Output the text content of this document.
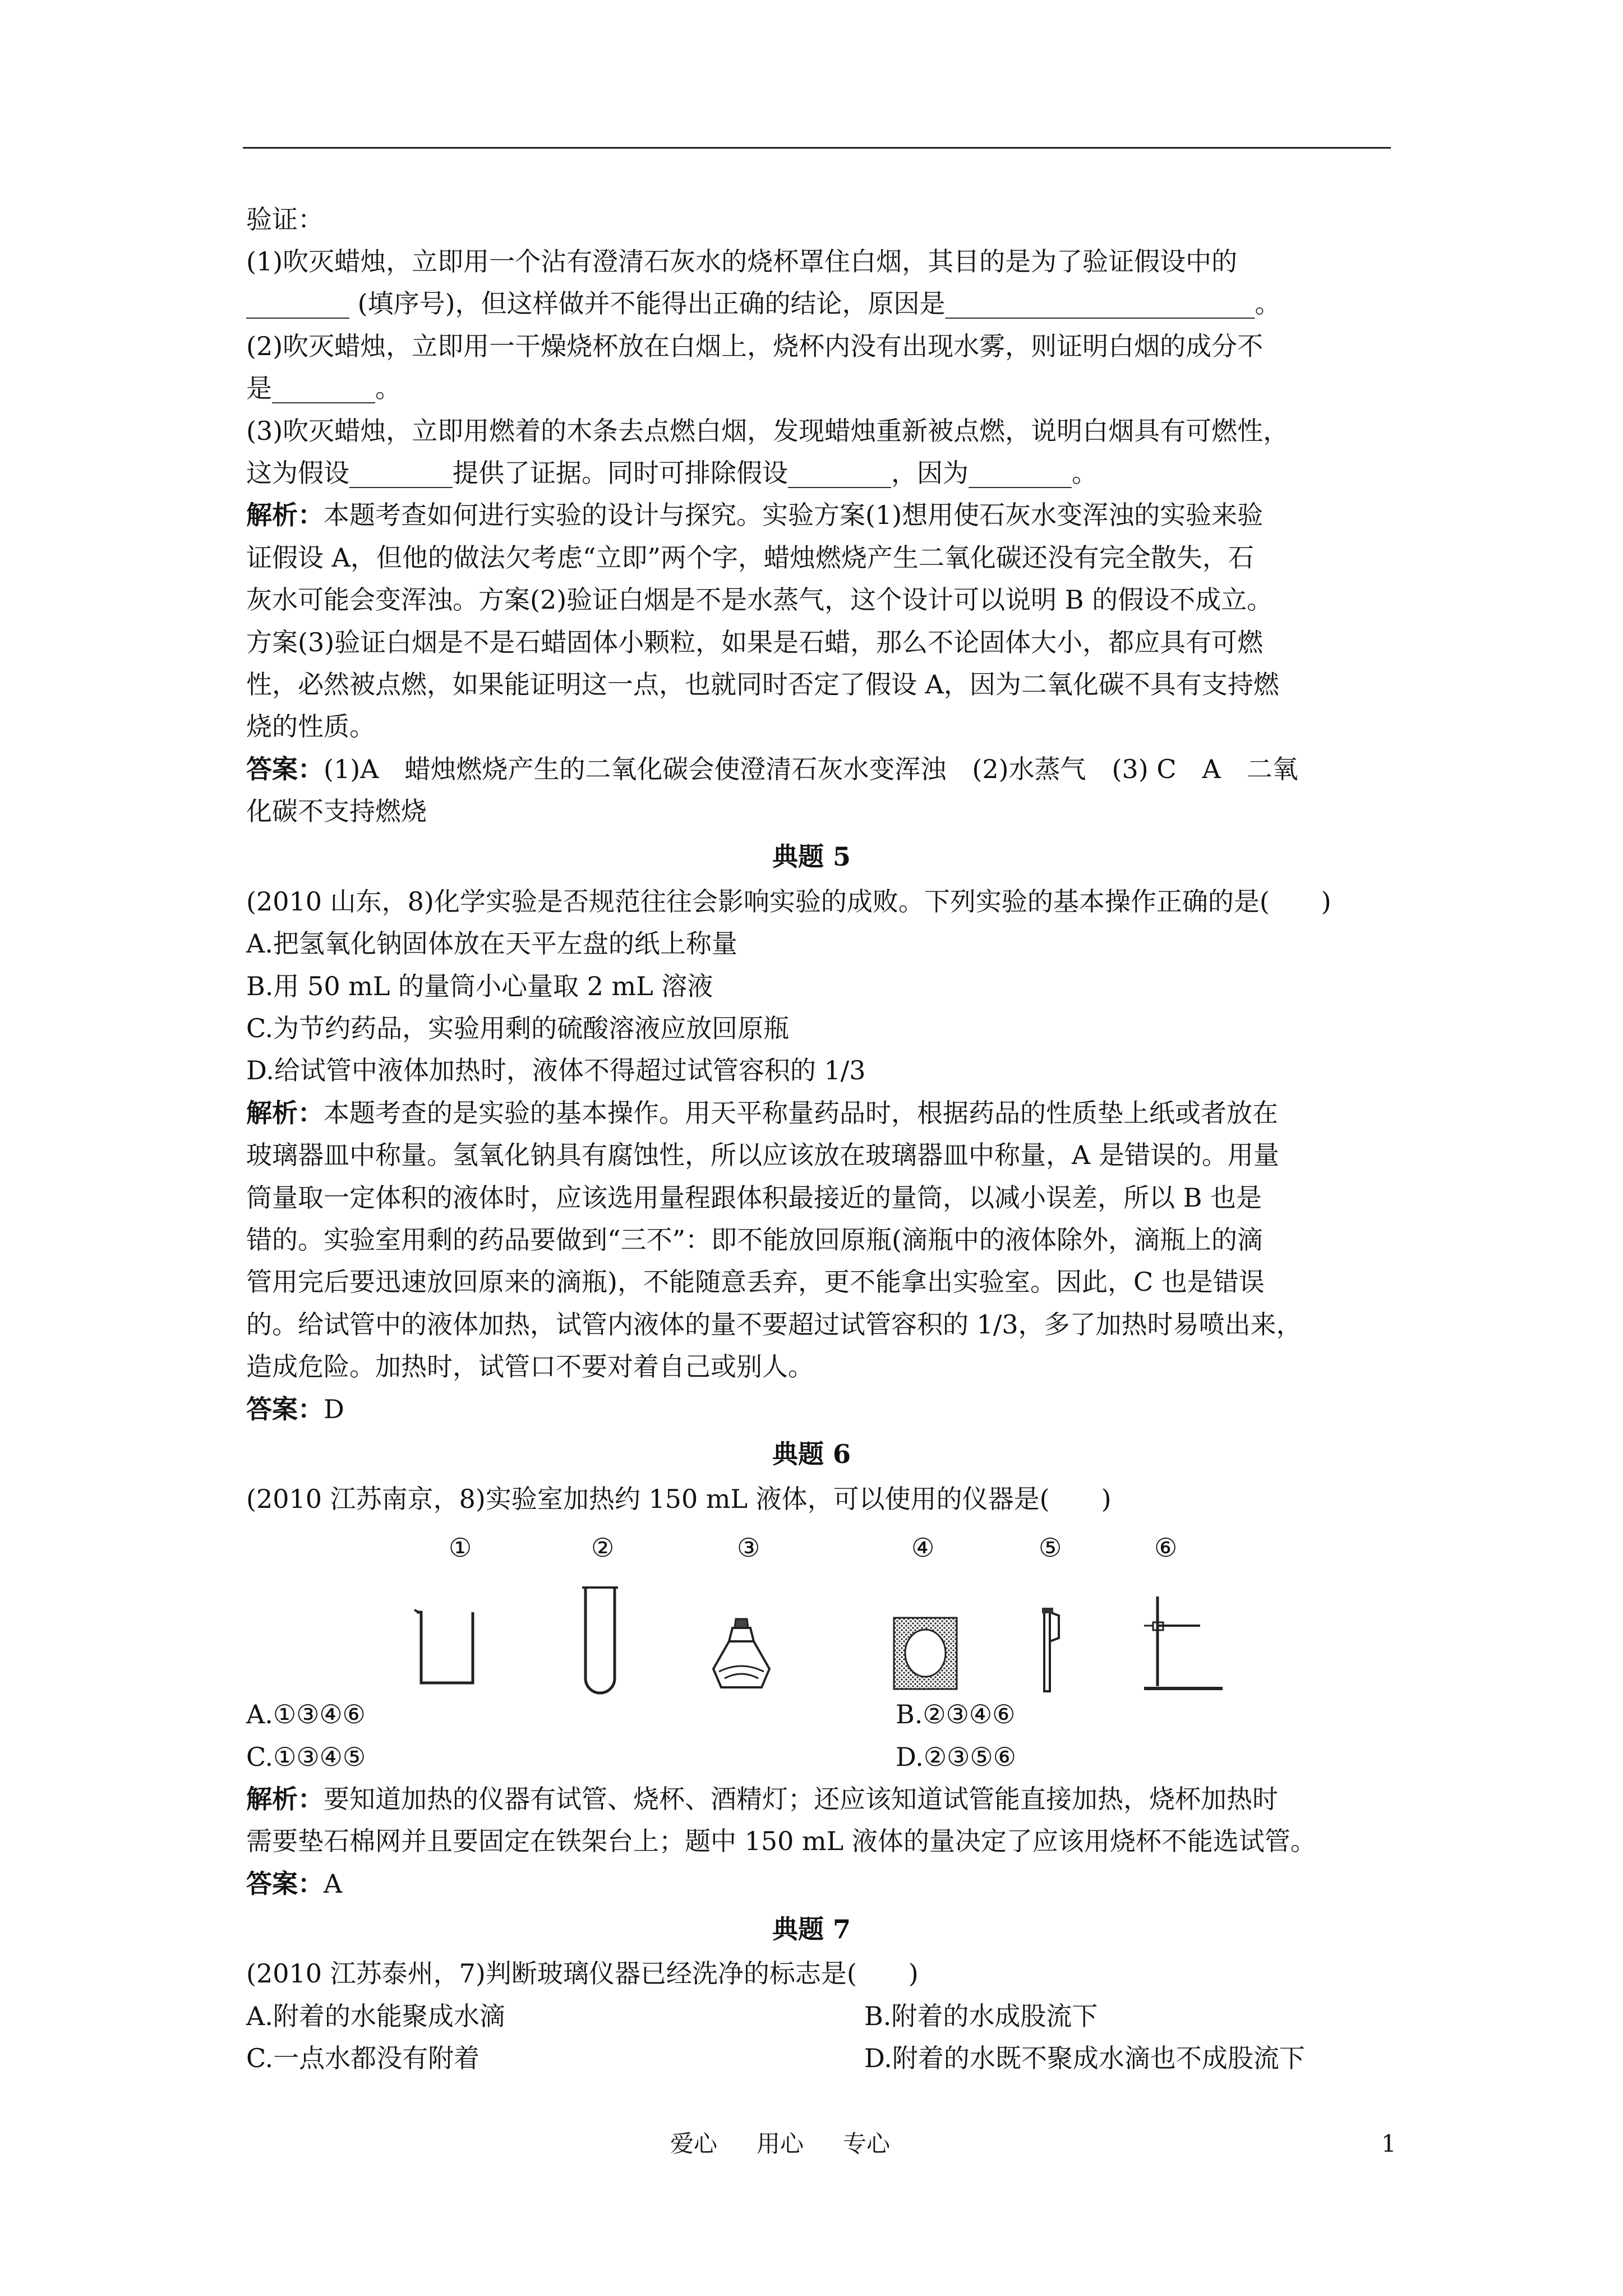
验证：
(1)吹灭蜡烛，立即用一个沾有澄清石灰水的烧杯罩住白烟，其目的是为了验证假设中的
________ (填序号)，但这样做并不能得出正确的结论，原因是________________________。
(2)吹灭蜡烛，立即用一干燥烧杯放在白烟上，烧杯内没有出现水雾，则证明白烟的成分不
是________。
(3)吹灭蜡烛，立即用燃着的木条去点燃白烟，发现蜡烛重新被点燃，说明白烟具有可燃性，
这为假设________提供了证据。同时可排除假设________，因为________。
解析：本题考查如何进行实验的设计与探究。实验方案(1)想用使石灰水变浑浊的实验来验
证假设 A，但他的做法欠考虑“立即”两个字，蜡烛燃烧产生二氧化碳还没有完全散失，石
灰水可能会变浑浊。方案(2)验证白烟是不是水蒸气，这个设计可以说明 B 的假设不成立。
方案(3)验证白烟是不是石蜡固体小颗粒，如果是石蜡，那么不论固体大小，都应具有可燃
性，必然被点燃，如果能证明这一点，也就同时否定了假设 A，因为二氧化碳不具有支持燃
烧的性质。
答案：(1)A　蜡烛燃烧产生的二氧化碳会使澄清石灰水变浑浊　(2)水蒸气　(3) C　A　二氧
化碳不支持燃烧
典题 5
(2010 山东，8)化学实验是否规范往往会影响实验的成败。下列实验的基本操作正确的是(　　)
A.把氢氧化钠固体放在天平左盘的纸上称量
B.用 50 mL 的量筒小心量取 2 mL 溶液
C.为节约药品，实验用剩的硫酸溶液应放回原瓶
D.给试管中液体加热时，液体不得超过试管容积的 1/3
解析：本题考查的是实验的基本操作。用天平称量药品时，根据药品的性质垫上纸或者放在
玻璃器皿中称量。氢氧化钠具有腐蚀性，所以应该放在玻璃器皿中称量，A 是错误的。用量
筒量取一定体积的液体时，应该选用量程跟体积最接近的量筒，以减小误差，所以 B 也是
错的。实验室用剩的药品要做到“三不”：即不能放回原瓶(滴瓶中的液体除外，滴瓶上的滴
管用完后要迅速放回原来的滴瓶)，不能随意丢弃，更不能拿出实验室。因此，C 也是错误
的。给试管中的液体加热，试管内液体的量不要超过试管容积的 1/3，多了加热时易喷出来，
造成危险。加热时，试管口不要对着自己或别人。
答案：D
典题 6
(2010 江苏南京，8)实验室加热约 150 mL 液体，可以使用的仪器是(　　)
①	②	③	④	⑤	⑥
A.①③④⑥	B.②③④⑥
C.①③④⑤	D.②③⑤⑥
解析：要知道加热的仪器有试管、烧杯、酒精灯；还应该知道试管能直接加热，烧杯加热时
需要垫石棉网并且要固定在铁架台上；题中 150 mL 液体的量决定了应该用烧杯不能选试管。
答案：A
典题 7
(2010 江苏泰州，7)判断玻璃仪器已经洗净的标志是(　　)
A.附着的水能聚成水滴	B.附着的水成股流下
C.一点水都没有附着	D.附着的水既不聚成水滴也不成股流下
爱心 用心 专心	1
